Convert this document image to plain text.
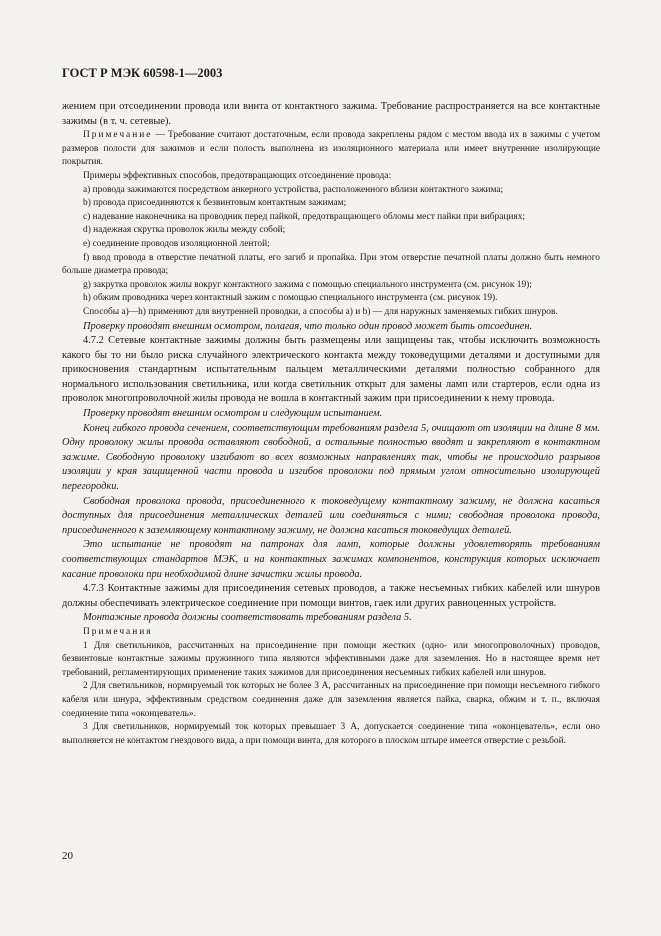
ГОСТ Р МЭК 60598-1—2003

жением при отсоединении провода или винта от контактного зажима. Требование распространяется на все контактные зажимы (в т. ч. сетевые).

Примечание — Требование считают достаточным, если провода закреплены рядом с местом ввода их в зажимы с учетом размеров полости для зажимов и если полость выполнена из изоляционного материала или имеет внутренние изолирующие покрытия.

Примеры эффективных способов, предотвращающих отсоединение провода:

а) провода зажимаются посредством анкерного устройства, расположенного вблизи контактного зажима;

b) провода присоединяются к безвинтовым контактным зажимам;

с) надевание наконечника на проводник перед пайкой, предотвращающего обломы мест пайки при вибрациях;

d) надежная скрутка проволок жилы между собой;

е) соединение проводов изоляционной лентой;

f) ввод провода в отверстие печатной платы, его загиб и пропайка. При этом отверстие печатной платы должно быть немного больше диаметра провода;

g) закрутка проволок жилы вокруг контактного зажима с помощью специального инструмента (см. рисунок 19);

h) обжим проводника через контактный зажим с помощью специального инструмента (см. рисунок 19).

Способы а)—h) применяют для внутренней проводки, а способы а) и b) — для наружных заменяемых гибких шнуров.

Проверку проводят внешним осмотром, полагая, что только один провод может быть отсоединен.

4.7.2 Сетевые контактные зажимы должны быть размещены или защищены так, чтобы исключить возможность какого бы то ни было риска случайного электрического контакта между токоведущими деталями и доступными для прикосновения стандартным испытательным пальцем металлическими деталями полностью собранного для нормального использования светильника, или когда светильник открыт для замены ламп или стартеров, если одна из проволок многопроволочной жилы провода не вошла в контактный зажим при присоединении к нему провода.

Проверку проводят внешним осмотром и следующим испытанием.

Конец гибкого провода сечением, соответствующим требованиям раздела 5, очищают от изоляции на длине 8 мм. Одну проволоку жилы провода оставляют свободной, а остальные полностью вводят и закрепляют в контактном зажиме. Свободную проволоку изгибают во всех возможных направлениях так, чтобы не происходило разрывов изоляции у края защищенной части провода и изгибов проволоки под прямым углом относительно изолирующей перегородки.

Свободная проволока провода, присоединенного к токоведущему контактному зажиму, не должна касаться доступных для присоединения металлических деталей или соединяться с ними; свободная проволока провода, присоединенного к заземляющему контактному зажиму, не должна касаться токоведущих деталей.

Это испытание не проводят на патронах для ламп, которые должны удовлетворять требованиям соответствующих стандартов МЭК, и на контактных зажимах компонентов, конструкция которых исключает касание проволоки при необходимой длине зачистки жилы провода.

4.7.3 Контактные зажимы для присоединения сетевых проводов, а также несъемных гибких кабелей или шнуров должны обеспечивать электрическое соединение при помощи винтов, гаек или других равноценных устройств.

Монтажные провода должны соответствовать требованиям раздела 5.

Примечания

1 Для светильников, рассчитанных на присоединение при помощи жестких (одно- или многопроволочных) проводов, безвинтовые контактные зажимы пружинного типа являются эффективными даже для заземления. Но в настоящее время нет требований, регламентирующих применение таких зажимов для присоединения несъемных гибких кабелей или шнуров.

2 Для светильников, нормируемый ток которых не более 3 А, рассчитанных на присоединение при помощи несъемного гибкого кабеля или шнура, эффективным средством соединения даже для заземления является пайка, сварка, обжим и т. п., включая соединение типа «оконцеватель».

3 Для светильников, нормируемый ток которых превышает 3 А, допускается соединение типа «оконцеватель», если оно выполняется не контактом гнездового вида, а при помощи винта, для которого в плоском штыре имеется отверстие с резьбой.

20
